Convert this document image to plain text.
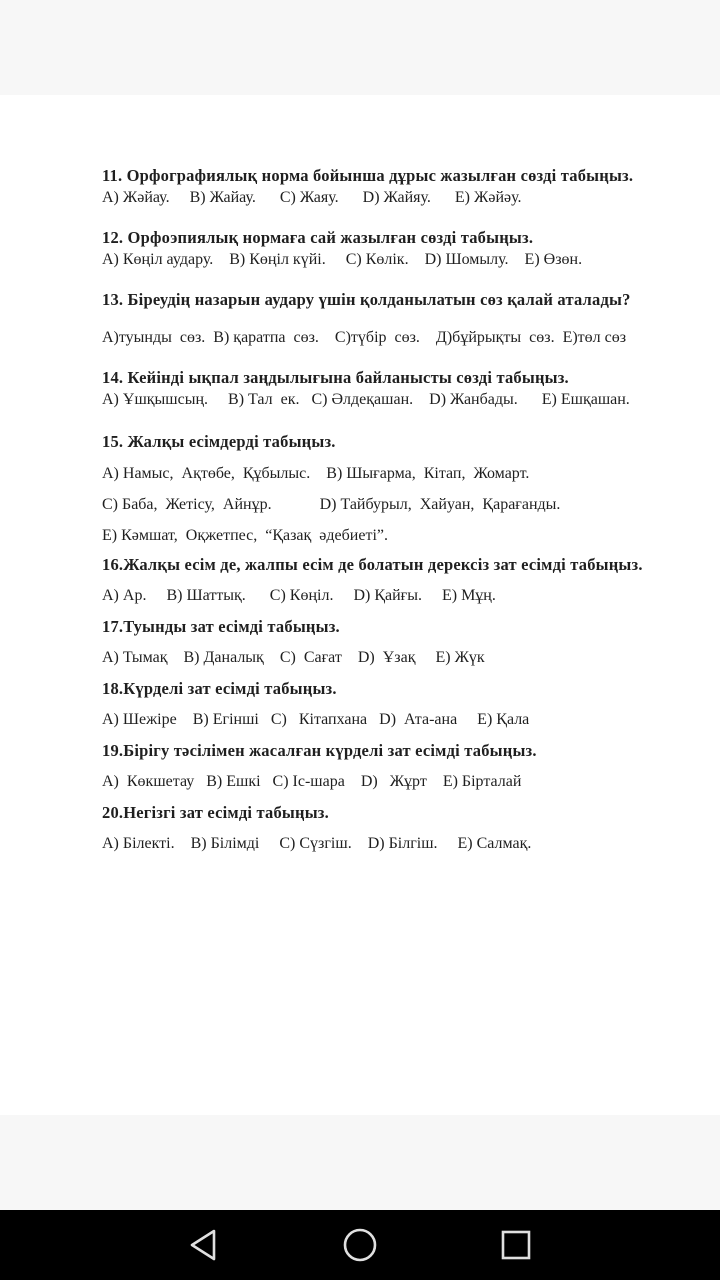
11. Орфографиялық норма бойынша дұрыс жазылған сөзді табыңыз.
А) Жәйау.     В) Жайау.      С) Жаяу.      D) Жайяу.      Е) Жәйәу.
12. Орфоэпиялық нормаға сай жазылған сөзді табыңыз.
А) Көңіл аудару.    В) Көңіл күйі.     С) Көлік.    D) Шомылу.    Е) Өзөн.
13. Біреудің назарын аудару үшін қолданылатын сөз қалай аталады?
А)туынды  сөз.  В) қаратпа  сөз.    С)түбір  сөз.    Д)бұйрықты  сөз.  Е)төл сөз
14. Кейінді ықпал заңдылығына байланысты сөзді табыңыз.
А) Ұшқышсың.     В) Тал  ек.   С) Әлдеқашан.    D) Жанбады.      Е) Ешқашан.
15. Жалқы есімдерді табыңыз.
А) Намыс,  Ақтөбе,  Құбылыс.    В) Шығарма,  Кітап,  Жомарт.
С) Баба,  Жетісу,  Айнұр.            D) Тайбурыл,  Хайуан,  Қарағанды.
Е) Кәмшат,  Оқжетпес,  “Қазақ  әдебиеті”.
16.Жалқы есім де, жалпы есім де болатын дерексіз зат есімді табыңыз.
А) Ар.     В) Шаттық.      С) Көңіл.     D) Қайғы.     Е) Мұң.
17.Туынды зат есімді табыңыз.
А) Тымақ    В) Даналық    С)  Сағат    D)  Ұзақ     Е) Жүк
18.Күрделі зат есімді табыңыз.
А) Шежіре    В) Егінші   С)   Кітапхана   D)  Ата-ана     Е) Қала
19.Бірігу тәсілімен жасалған күрделі зат есімді табыңыз.
А)  Көкшетау   В) Ешкі   С) Іс-шара    D)   Жұрт    Е) Бірталай
20.Негізгі зат есімді табыңыз.
А) Білекті.    В) Білімді     С) Сүзгіш.    D) Білгіш.     Е) Салмақ.
